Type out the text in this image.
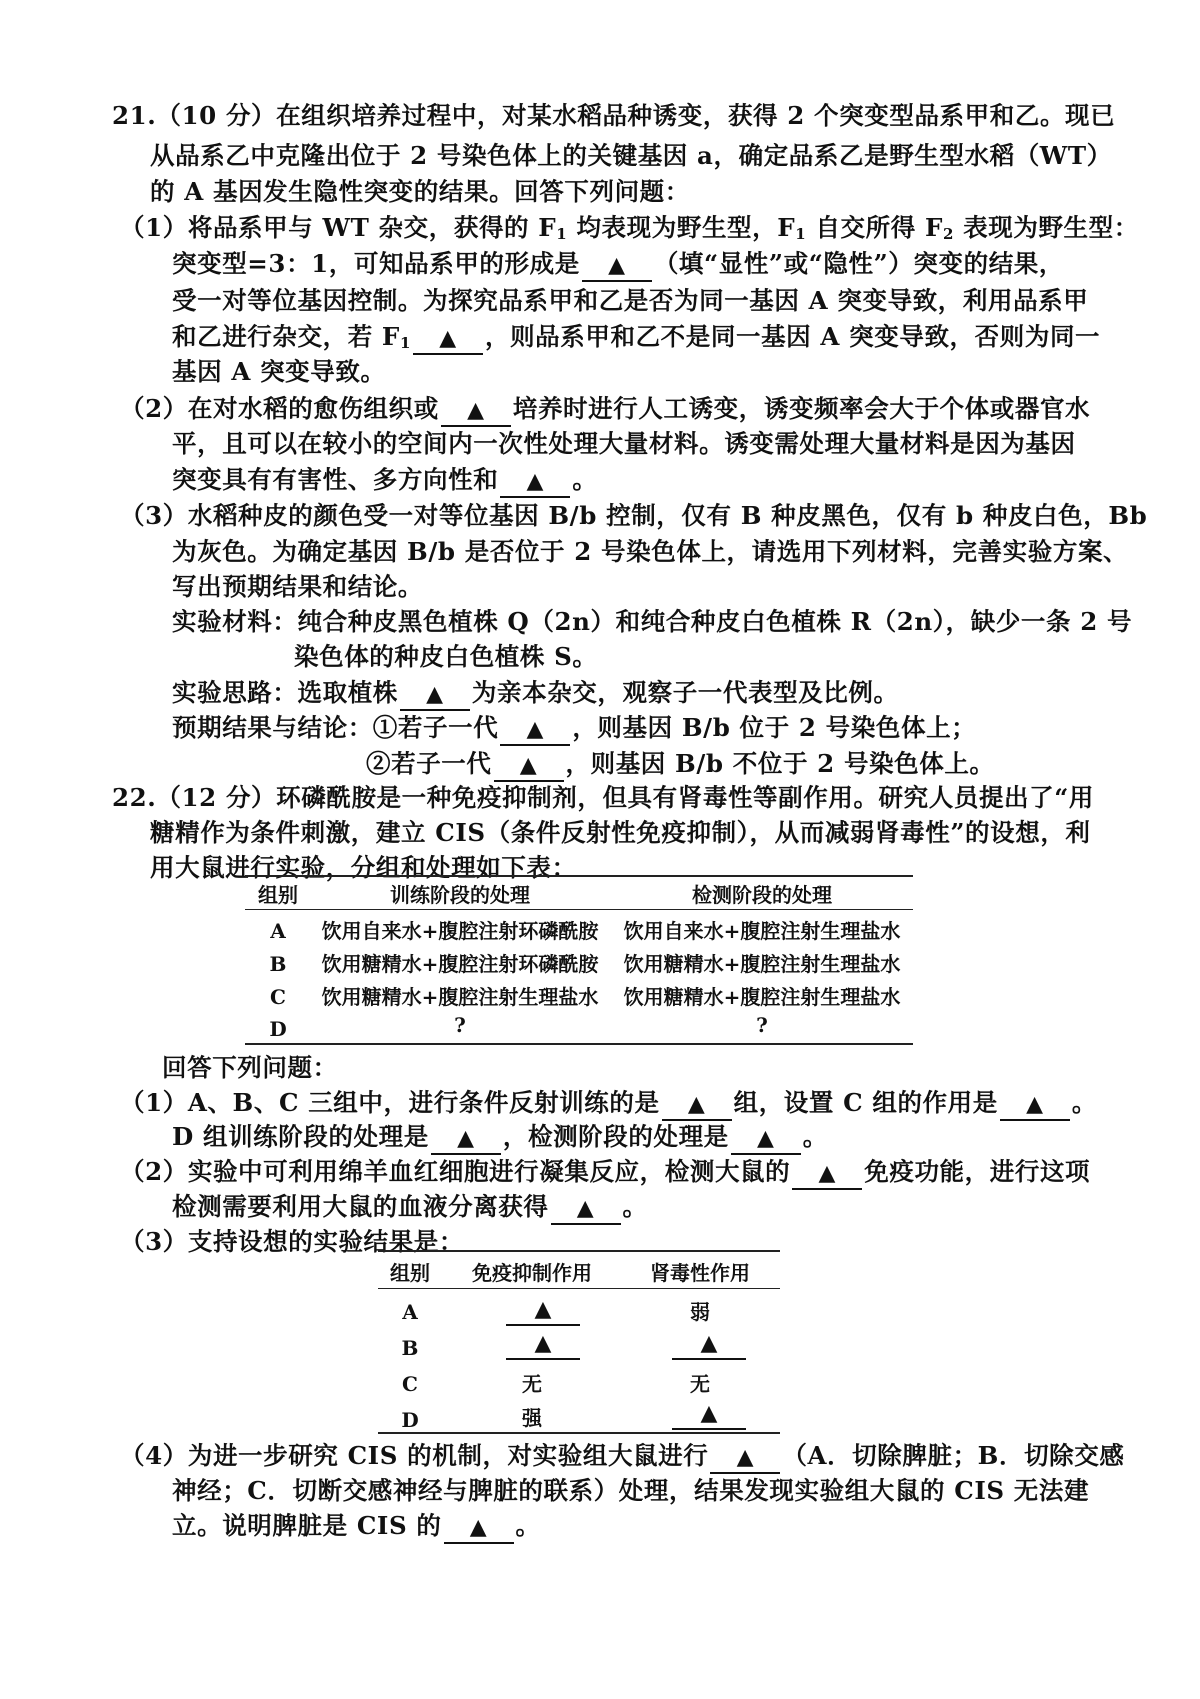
21.（10 分）在组织培养过程中，对某水稻品种诱变，获得 2 个突变型品系甲和乙。现已
从品系乙中克隆出位于 2 号染色体上的关键基因 a，确定品系乙是野生型水稻（WT）
的 A 基因发生隐性突变的结果。回答下列问题：
（1）将品系甲与 WT 杂交，获得的 $F_1$ 均表现为野生型，$F_1$ 自交所得 $F_2$ 表现为野生型：
突变型=3：1，可知品系甲的形成是 ▲ （填“显性”或“隐性”）突变的结果，
受一对等位基因控制。为探究品系甲和乙是否为同一基因 A 突变导致，利用品系甲
和乙进行杂交，若 $F_1$ ▲ ，则品系甲和乙不是同一基因 A 突变导致，否则为同一
基因 A 突变导致。
（2）在对水稻的愈伤组织或 ▲ 培养时进行人工诱变，诱变频率会大于个体或器官水
平，且可以在较小的空间内一次性处理大量材料。诱变需处理大量材料是因为基因
突变具有有害性、多方向性和 ▲ 。
（3）水稻种皮的颜色受一对等位基因 B/b 控制，仅有 B 种皮黑色，仅有 b 种皮白色，Bb
为灰色。为确定基因 B/b 是否位于 2 号染色体上，请选用下列材料，完善实验方案、
写出预期结果和结论。
实验材料：纯合种皮黑色植株 Q（2n）和纯合种皮白色植株 R（2n），缺少一条 2 号
染色体的种皮白色植株 S。
实验思路：选取植株 ▲ 为亲本杂交，观察子一代表型及比例。
预期结果与结论：①若子一代 ▲ ，则基因 B/b 位于 2 号染色体上；
②若子一代 ▲ ，则基因 B/b 不位于 2 号染色体上。
22.（12 分）环磷酰胺是一种免疫抑制剂，但具有肾毒性等副作用。研究人员提出了“用
糖精作为条件刺激，建立 CIS（条件反射性免疫抑制），从而减弱肾毒性”的设想，利
用大鼠进行实验，分组和处理如下表：
组别	训练阶段的处理	检测阶段的处理
A 饮用自来水+腹腔注射环磷酰胺 饮用自来水+腹腔注射生理盐水
B 饮用糖精水+腹腔注射环磷酰胺 饮用糖精水+腹腔注射生理盐水
C 饮用糖精水+腹腔注射生理盐水 饮用糖精水+腹腔注射生理盐水
D	?	?
回答下列问题：
（1）A、B、C 三组中，进行条件反射训练的是 ▲ 组，设置 C 组的作用是 ▲ 。
D 组训练阶段的处理是 ▲ ，检测阶段的处理是 ▲ 。
（2）实验中可利用绵羊血红细胞进行凝集反应，检测大鼠的 ▲ 免疫功能，进行这项
检测需要利用大鼠的血液分离获得 ▲ 。
（3）支持设想的实验结果是：
组别 免疫抑制作用	肾毒性作用
A	▲	弱
B	▲	▲
C	无	无
D	强	▲
（4）为进一步研究 CIS 的机制，对实验组大鼠进行 ▲ （A．切除脾脏；B．切除交感
神经；C．切断交感神经与脾脏的联系）处理，结果发现实验组大鼠的 CIS 无法建
立。说明脾脏是 CIS 的 ▲ 。
